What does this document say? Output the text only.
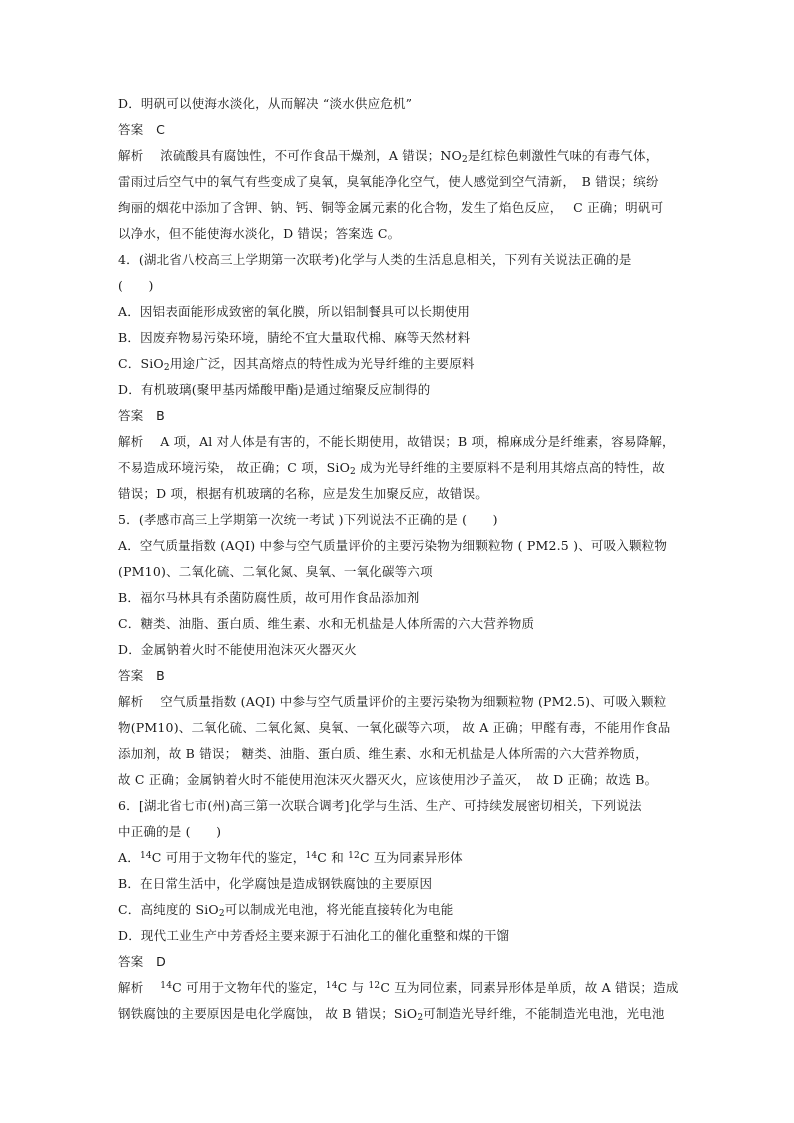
D．明矾可以使海水淡化，从而解决 “淡水供应危机”
答案　C
解析　 浓硫酸具有腐蚀性，不可作食品干燥剂，A 错误；$NO_2$是红棕色刺激性气味的有毒气体，
雷雨过后空气中的氧气有些变成了臭氧，臭氧能净化空气，使人感觉到空气清新，　B 错误；缤纷
绚丽的烟花中添加了含钾、钠、钙、铜等金属元素的化合物，发生了焰色反应，　 C 正确；明矾可
以净水，但不能使海水淡化，D 错误；答案选 C。
4．(湖北省八校高三上学期第一次联考)化学与人类的生活息息相关，下列有关说法正确的是
(　　)
A．因铝表面能形成致密的氧化膜，所以铝制餐具可以长期使用
B．因废弃物易污染环境，腈纶不宜大量取代棉、麻等天然材料
C．SiO$_2$用途广泛，因其高熔点的特性成为光导纤维的主要原料
D．有机玻璃(聚甲基丙烯酸甲酯)是通过缩聚反应制得的
答案　B
解析　 A 项，Al 对人体是有害的，不能长期使用，故错误；B 项，棉麻成分是纤维素，容易降解，
不易造成环境污染， 故正确；C 项，SiO$_2$ 成为光导纤维的主要原料不是利用其熔点高的特性，故
错误；D 项，根据有机玻璃的名称，应是发生加聚反应，故错误。
5．(孝感市高三上学期第一次统一考试 )下列说法不正确的是 (　　)
A．空气质量指数 (AQI) 中参与空气质量评价的主要污染物为细颗粒物 ( PM2.5 )、可吸入颗粒物
(PM10)、二氧化硫、二氧化氮、臭氧、一氧化碳等六项
B．福尔马林具有杀菌防腐性质，故可用作食品添加剂
C．糖类、油脂、蛋白质、维生素、水和无机盐是人体所需的六大营养物质
D．金属钠着火时不能使用泡沫灭火器灭火
答案　B
解析　 空气质量指数 (AQI) 中参与空气质量评价的主要污染物为细颗粒物 (PM2.5)、可吸入颗粒
物(PM10)、二氧化硫、二氧化氮、臭氧、一氧化碳等六项， 故 A 正确；甲醛有毒，不能用作食品
添加剂，故 B 错误； 糖类、油脂、蛋白质、维生素、水和无机盐是人体所需的六大营养物质，
故 C 正确；金属钠着火时不能使用泡沫灭火器灭火，应该使用沙子盖灭，　故 D 正确；故选 B。
6．[湖北省七市(州)高三第一次联合调考]化学与生活、生产、可持续发展密切相关，下列说法
中正确的是 (　　)
A．$^{14}$C 可用于文物年代的鉴定，$^{14}$C 和 $^{12}$C 互为同素异形体
B．在日常生活中，化学腐蚀是造成钢铁腐蚀的主要原因
C．高纯度的 SiO$_2$可以制成光电池，将光能直接转化为电能
D．现代工业生产中芳香烃主要来源于石油化工的催化重整和煤的干馏
答案　D
解析　 $^{14}$C 可用于文物年代的鉴定，$^{14}$C 与 $^{12}$C 互为同位素，同素异形体是单质，故 A 错误；造成
钢铁腐蚀的主要原因是电化学腐蚀， 故 B 错误；SiO$_2$可制造光导纤维，不能制造光电池，光电池
